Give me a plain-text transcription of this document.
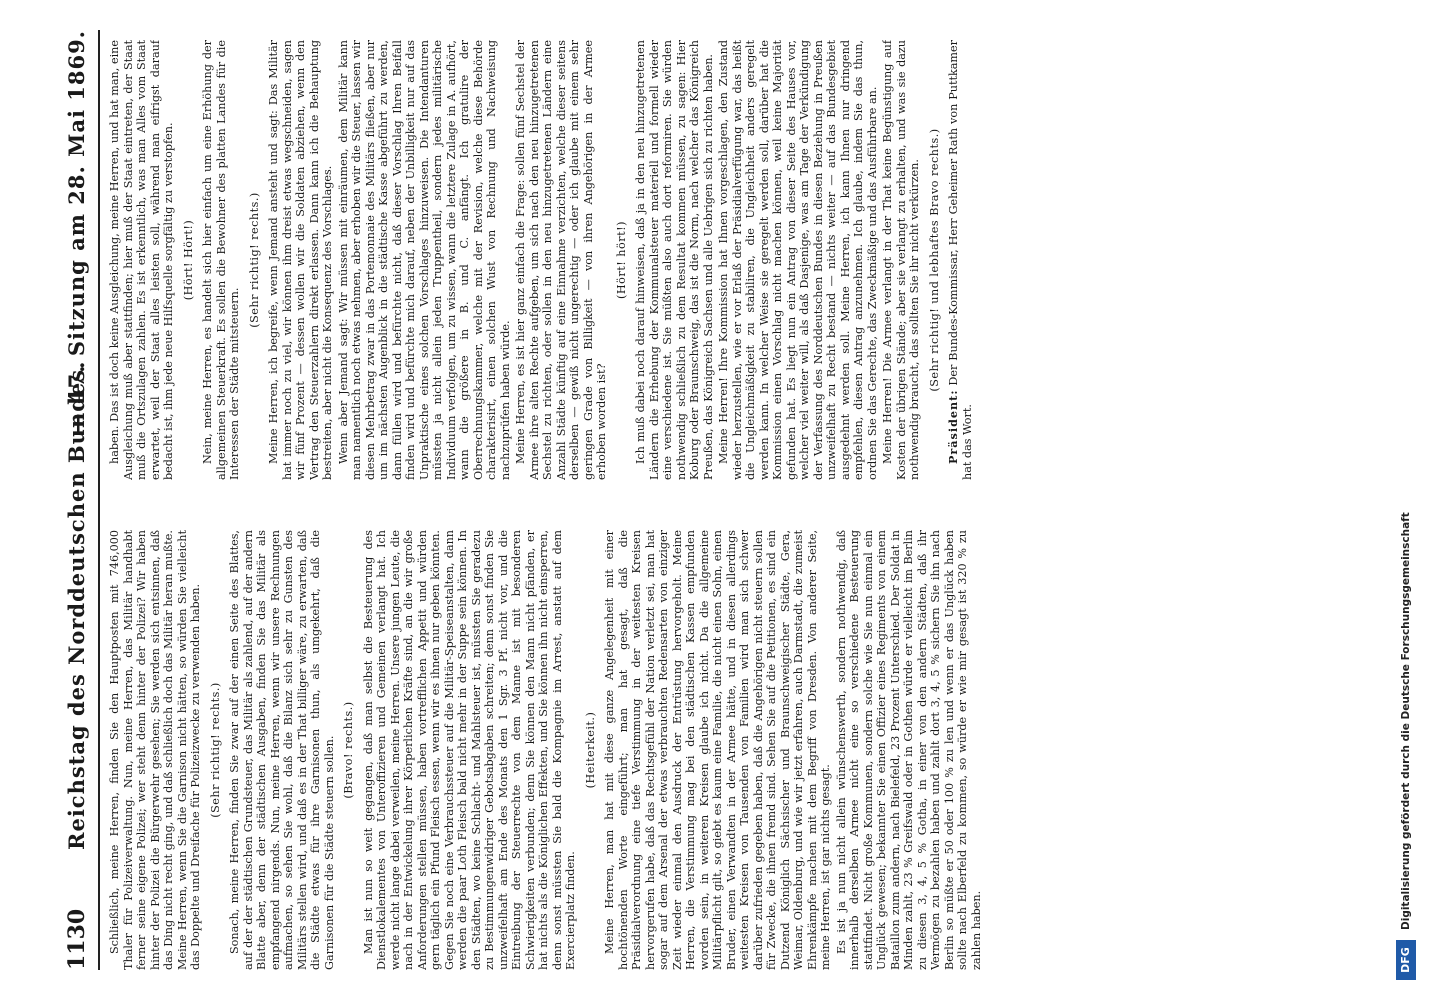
1130
Reichstag des Norddeutschen Bundes.
— 47. Sitzung am 28. Mai 1869.

Schließlich, meine Herren, finden Sie den Hauptposten mit 746,000 Thaler für Polizeiverwaltung. Nun, meine Herren, das Militär handhabt ferner seine eigene Polizei; wer steht denn hinter der Polizei? Wir haben hinter der Polizei die Bürgerwehr gesehen; Sie werden sich entsinnen, daß das Ding nicht recht ging, und daß schließlich doch das Militär heran mußte. Meine Herren, wenn Sie die Garnison nicht hätten, so würden Sie vielleicht das Doppelte und Dreifache für Polizeizwecke zu verwenden haben. (Sehr richtig! rechts.) Sonach, meine Herren, finden Sie zwar auf der einen Seite des Blattes, auf der der städtischen Grundsteuer, das Militär als zahlend, auf der andern Blatte aber, denn der städtischen Ausgaben, finden Sie das Militär als empfangend nirgends. Nun, meine Herren, wenn wir unsere Rechnungen aufmachen, so sehen Sie wohl, daß die Bilanz sich sehr zu Gunsten des Militärs stellen wird, und daß es in der That billiger wäre, zu erwarten, daß die Städte etwas für ihre Garnisonen thun, als umgekehrt, daß die Garnisonen für die Städte steuern sollen. (Bravo! rechts.) Man ist nun so weit gegangen, daß man selbst die Besteuerung des Dienstlokalementes von Unteroffizieren und Gemeinen verlangt hat. Ich werde nicht lange dabei verweilen, meine Herren. Unsere jungen Leute, die nach in der Entwickelung ihrer Körperlichen Kräfte sind, an die wir große Anforderungen stellen müssen, haben vortrefflichen Appetit und würden gern täglich ein Pfund Fleisch essen, wenn wir es ihnen nur geben könnten. Gegen Sie noch eine Verbrauchssteuer auf die Militär-Speiseanstalten, dann werden die paar Loth Fleisch bald nicht mehr in der Suppe sein können. In den Städten, wo keine Schlacht- und Mahlsteuer ist, müssten Sie geradezu zu Bestimmungenwidriger Gebotsabgaben schreiten; denn sonst finden Sie unzweifelhaft am Ende des Monats den 1 Sgr. 3 Pf. nicht vor, und die Eintreibung der Steuerrechte von dem Manne ist mit besonderen Schwierigkeiten verbunden; denn Sie können den Mann nicht pfänden, er hat nichts als die Königlichen Effekten, und Sie können ihn nicht einsperren, denn sonst müssten Sie bald die Kompagnie im Arrest, anstatt auf dem Exercierplatz finden.

(Heiterkeit.) Meine Herren, man hat mit diese ganze Angelegenheit mit einer hochtönenden Worte eingeführt; man hat gesagt, daß die Präsidialverordnung eine tiefe Verstimmung in der weitesten Kreisen hervorgerufen habe, daß das Rechtsgefühl der Nation verletzt sei, man hat sogar auf dem Arsenal der etwas verbrauchten Redensarten von einziger Zeit wieder einmal den Ausdruck der Entrüstung hervorgeholt. Meine Herren, die Verstimmung mag bei den städtischen Kassen empfunden worden sein, in weiteren Kreisen glaube ich nicht. Da die allgemeine Militärpflicht gilt, so giebt es kaum eine Familie, die nicht einen Sohn, einen Bruder, einen Verwandten in der Armee hätte, und in diesen allerdings weitesten Kreisen von Tausenden von Familien wird man sich schwer darüber zufrieden gegeben haben, daß die Angehörigen nicht steuern sollen für Zwecke, die ihnen fremd sind. Sehen Sie auf die Petitionen, es sind ein Dutzend Königlich Sächsischer und Braunschweigischer Städte, Gera, Weimar, Oldenburg, und wie wir jetzt erfahren, auch Darmstadt, die zumeist Ehrenkämpfe machen mit dem Begriff von Dresden. Von anderer Seite, meine Herren, ist gar nichts gesagt. Es ist ja nun nicht allein wünschenswerth, sondern nothwendig, daß innerhalb derselben Armee nicht eine so verschiedene Besteuerung stattfindet. Nicht große Kommunen, sondern solche wie Sie nun einmal ein Unglück gewesen; bekannter Sie einen Offizier eines Regiments von einem Bataillon zum andern, nach Bielefeld, 23 Prozent Unterschied. Der Soldat in Minden zahlt, 23 % Greifswald oder in Gothen würde er vielleicht im Berlin zu diesen 3, 4, 5 % Gotha, in einer von den andern Städten, daß ihr Vermögen zu bezahlen haben und zahlt dort 3, 4, 5 % sichern Sie ihn nach Berlin so müßte er 50 oder 100 % zu len und wenn er das Unglück haben sollte nach Elberfeld zu kommen, so würde er wie mir gesagt ist 320 % zu zahlen haben.

haben. Das ist doch keine Ausgleichung, meine Herren, und hat man, eine Ausgleichung muß aber stattfinden; hier muß der Staat eintreten, der Staat muß die Ortszulagen zahlen. Es ist erkenntlich, was man Alles vom Staat erwartet, weil der Staat alles leisten soll, während man eifrigst darauf bedacht ist, ihm jede neue Hilfsquelle sorgfältig zu verstopfen. (Hört! Hört!) Nein, meine Herren, es handelt sich hier einfach um eine Erhöhung der allgemeinen Steuerkraft. Es sollen die Bewohner des platten Landes für die Interessen der Städte mitsteuern.

(Sehr richtig! rechts.) Meine Herren, ich begreife, wenn Jemand ansteht und sagt: Das Militär hat immer noch zu viel, wir können ihm dreist etwas wegschneiden, sagen wir fünf Prozent — dessen wollen wir die Soldaten abziehen, wenn den Vertrag den Steuerzahlern direkt erlassen. Dann kann ich die Behauptung bestreiten, aber nicht die Konsequenz des Vorschlages. Wenn aber Jemand sagt: Wir müssen mit einräumen, dem Militär kann man namentlich noch etwas nehmen, aber erhoben wir die Steuer, lassen wir diesen Mehrbetrag zwar in das Portemonnaie des Militärs fließen, aber nur um im nächsten Augenblick in die städtische Kasse abgeführt zu werden, dann füllen wird und befürchte nicht, daß dieser Vorschlag Ihren Beifall finden wird und befürchte mich darauf, neben der Unbilligkeit nur auf das Unpraktische eines solchen Vorschlages hinzuweisen. Die Intendanturen müssten ja nicht allein jeden Truppentheil, sondern jedes militärische Individuum verfolgen, um zu wissen, wann die letztere Zulage in A. aufhört, wann die größere in B. und C. anfängt. Ich gratulire der Oberrechnungskammer, welche mit der Revision, welche diese Behörde charakterisirt, einen solchen Wust von Rechnung und Nachweisung nachzuprüfen haben würde. Meine Herren, es ist hier ganz einfach die Frage: sollen fünf Sechstel der Armee ihre alten Rechte aufgeben, um sich nach den neu hinzugetretenen Sechstel zu richten, oder sollen in den neu hinzugetretenen Ländern eine Anzahl Städte künftig auf eine Einnahme verzichten, welche dieser seitens derselben — gewiß nicht ungerechtig — oder ich glaube mit einem sehr geringen Grade von Billigkeit — von ihren Angehörigen in der Armee erhoben worden ist?

(Hört! hört!) Ich muß dabei noch darauf hinweisen, daß ja in den neu hinzugetretenen Ländern die Erhebung der Kommunalsteuer materiell und formell wieder eine verschiedene ist. Sie müßten also auch dort reformiren. Sie würden nothwendig schließlich zu dem Resultat kommen müssen, zu sagen: Hier Koburg oder Braunschweig, das ist die Norm, nach welcher das Königreich Preußen, das Königreich Sachsen und alle Uebrigen sich zu richten haben. Meine Herren! Ihre Kommission hat Ihnen vorgeschlagen, den Zustand wieder herzustellen, wie er vor Erlaß der Präsidialverfügung war, das heißt die Ungleichmäßigkeit zu stabiliren, die Ungleichheit anders geregelt werden kann. In welcher Weise sie geregelt werden soll, darüber hat die Kommission einen Vorschlag nicht machen können, weil keine Majorität gefunden hat. Es liegt nun ein Antrag von dieser Seite des Hauses vor, welcher viel weiter will, als daß Dasjenige, was am Tage der Verkündigung der Verfassung des Norddeutschen Bundes in diesen Beziehung in Preußen unzweifelhaft zu Recht bestand — nichts weiter — auf das Bundesgebiet ausgedehnt werden soll. Meine Herren, ich kann Ihnen nur dringend empfehlen, diesen Antrag anzunehmen. Ich glaube, indem Sie das thun, ordnen Sie das Gerechte, das Zweckmäßige und das Ausführbare an. Meine Herren! Die Armee verlangt in der That keine Begünstigung auf Kosten der übrigen Stände; aber sie verlangt zu erhalten, und was sie dazu nothwendig braucht, das sollten Sie ihr nicht verkürzen. (Sehr richtig! und lebhaftes Bravo rechts.)

Präsident: Der Bundes-Kommissar, Herr Geheimer Rath von Puttkamer hat das Wort.

DFG
Digitalisierung gefördert durch die Deutsche Forschungsgemeinschaft
